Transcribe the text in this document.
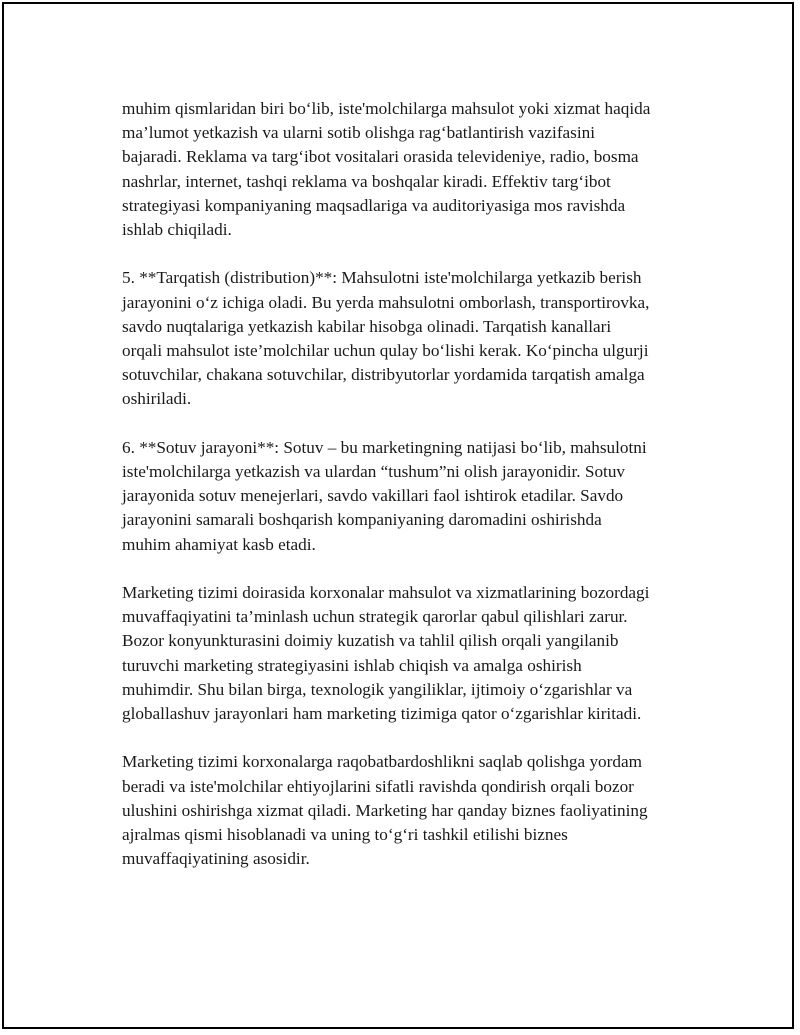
muhim qismlaridan biri bo‘lib, iste'molchilarga mahsulot yoki xizmat haqida
ma’lumot yetkazish va ularni sotib olishga rag‘batlantirish vazifasini
bajaradi. Reklama va targ‘ibot vositalari orasida televideniye, radio, bosma
nashrlar, internet, tashqi reklama va boshqalar kiradi. Effektiv targ‘ibot
strategiyasi kompaniyaning maqsadlariga va auditoriyasiga mos ravishda
ishlab chiqiladi.

5. **Tarqatish (distribution)**: Mahsulotni iste'molchilarga yetkazib berish
jarayonini o‘z ichiga oladi. Bu yerda mahsulotni omborlash, transportirovka,
savdo nuqtalariga yetkazish kabilar hisobga olinadi. Tarqatish kanallari
orqali mahsulot iste’molchilar uchun qulay bo‘lishi kerak. Ko‘pincha ulgurji
sotuvchilar, chakana sotuvchilar, distribyutorlar yordamida tarqatish amalga
oshiriladi.

6. **Sotuv jarayoni**: Sotuv – bu marketingning natijasi bo‘lib, mahsulotni
iste'molchilarga yetkazish va ulardan “tushum”ni olish jarayonidir. Sotuv
jarayonida sotuv menejerlari, savdo vakillari faol ishtirok etadilar. Savdo
jarayonini samarali boshqarish kompaniyaning daromadini oshirishda
muhim ahamiyat kasb etadi.

Marketing tizimi doirasida korxonalar mahsulot va xizmatlarining bozordagi
muvaffaqiyatini ta’minlash uchun strategik qarorlar qabul qilishlari zarur.
Bozor konyunkturasini doimiy kuzatish va tahlil qilish orqali yangilanib
turuvchi marketing strategiyasini ishlab chiqish va amalga oshirish
muhimdir. Shu bilan birga, texnologik yangiliklar, ijtimoiy o‘zgarishlar va
globallashuv jarayonlari ham marketing tizimiga qator o‘zgarishlar kiritadi.

Marketing tizimi korxonalarga raqobatbardoshlikni saqlab qolishga yordam
beradi va iste'molchilar ehtiyojlarini sifatli ravishda qondirish orqali bozor
ulushini oshirishga xizmat qiladi. Marketing har qanday biznes faoliyatining
ajralmas qismi hisoblanadi va uning to‘g‘ri tashkil etilishi biznes
muvaffaqiyatining asosidir.
